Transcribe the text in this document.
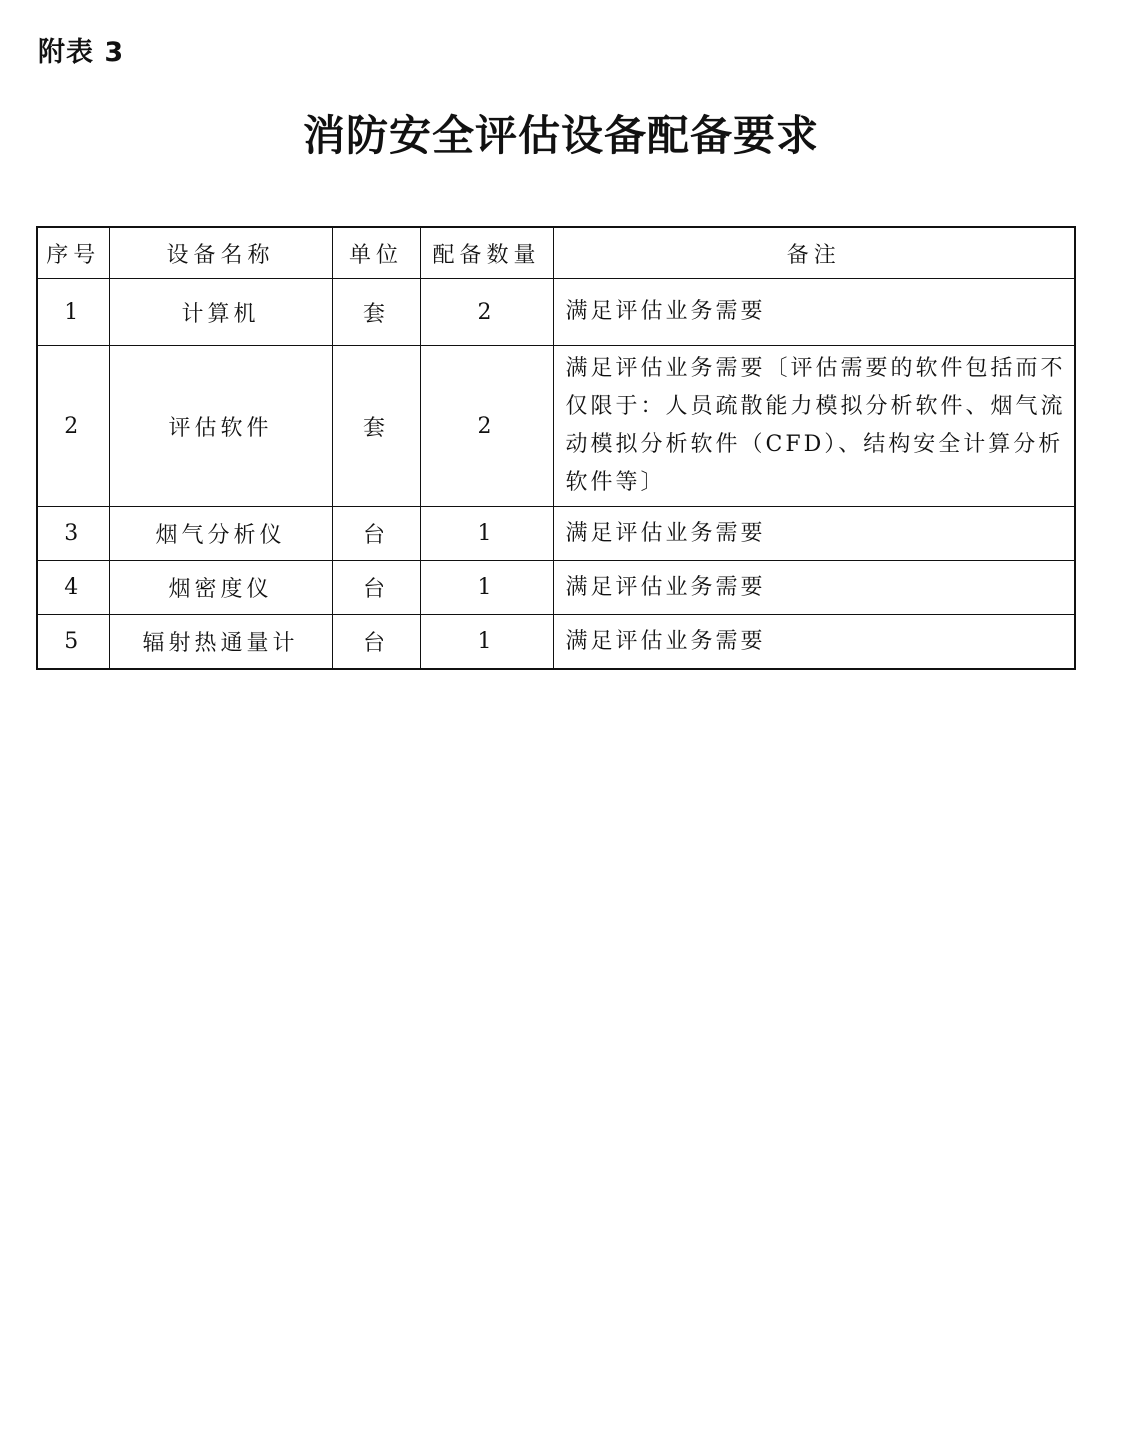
附表 3
消防安全评估设备配备要求
序号	设备名称	单位	配备数量	备注
1	计算机	套	2	满足评估业务需要
2	评估软件	套	2	满足评估业务需要〔评估需要的软件包括而不仅限于：人员疏散能力模拟分析软件、烟气流动模拟分析软件（CFD）、结构安全计算分析软件等〕
3	烟气分析仪	台	1	满足评估业务需要
4	烟密度仪	台	1	满足评估业务需要
5	辐射热通量计	台	1	满足评估业务需要
